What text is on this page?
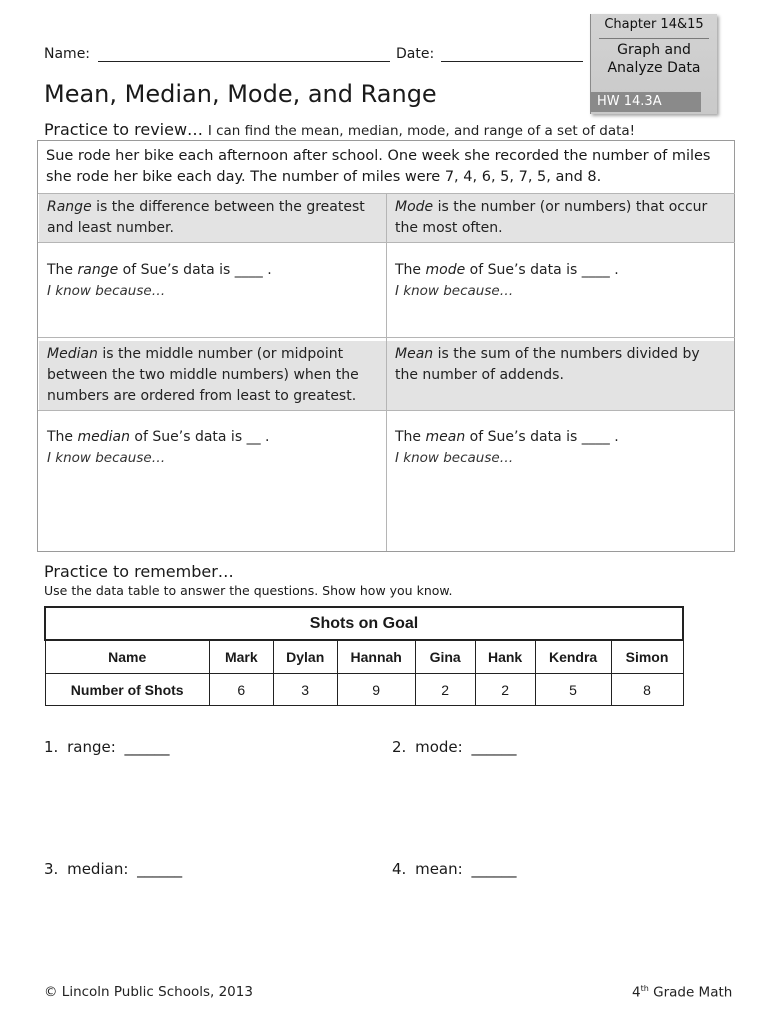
Name:	Date:
Chapter 14&15
Graph and
Analyze Data
HW 14.3A
Mean, Median, Mode, and Range
Practice to review… I can find the mean, median, mode, and range of a set of data!
Sue rode her bike each afternoon after school. One week she recorded the number of miles she rode her bike each day. The number of miles were 7, 4, 6, 5, 7, 5, and 8.
Range is the difference between the greatest and least number.
Mode is the number (or numbers) that occur the most often.
The range of Sue’s data is ____ .
I know because…
The mode of Sue’s data is ____ .
I know because…
Median is the middle number (or midpoint between the two middle numbers) when the numbers are ordered from least to greatest.
Mean is the sum of the numbers divided by the number of addends.
The median of Sue’s data is __ .
I know because…
The mean of Sue’s data is ____ .
I know because…
Practice to remember…
Use the data table to answer the questions. Show how you know.
Shots on Goal							
Name	Mark	Dylan	Hannah	Gina	Hank	Kendra	Simon
Number of Shots	6	3	9	2	2	5	8
1. range: ______	2. mode: ______
3. median: ______	4. mean: ______
© Lincoln Public Schools, 2013	4th Grade Math
